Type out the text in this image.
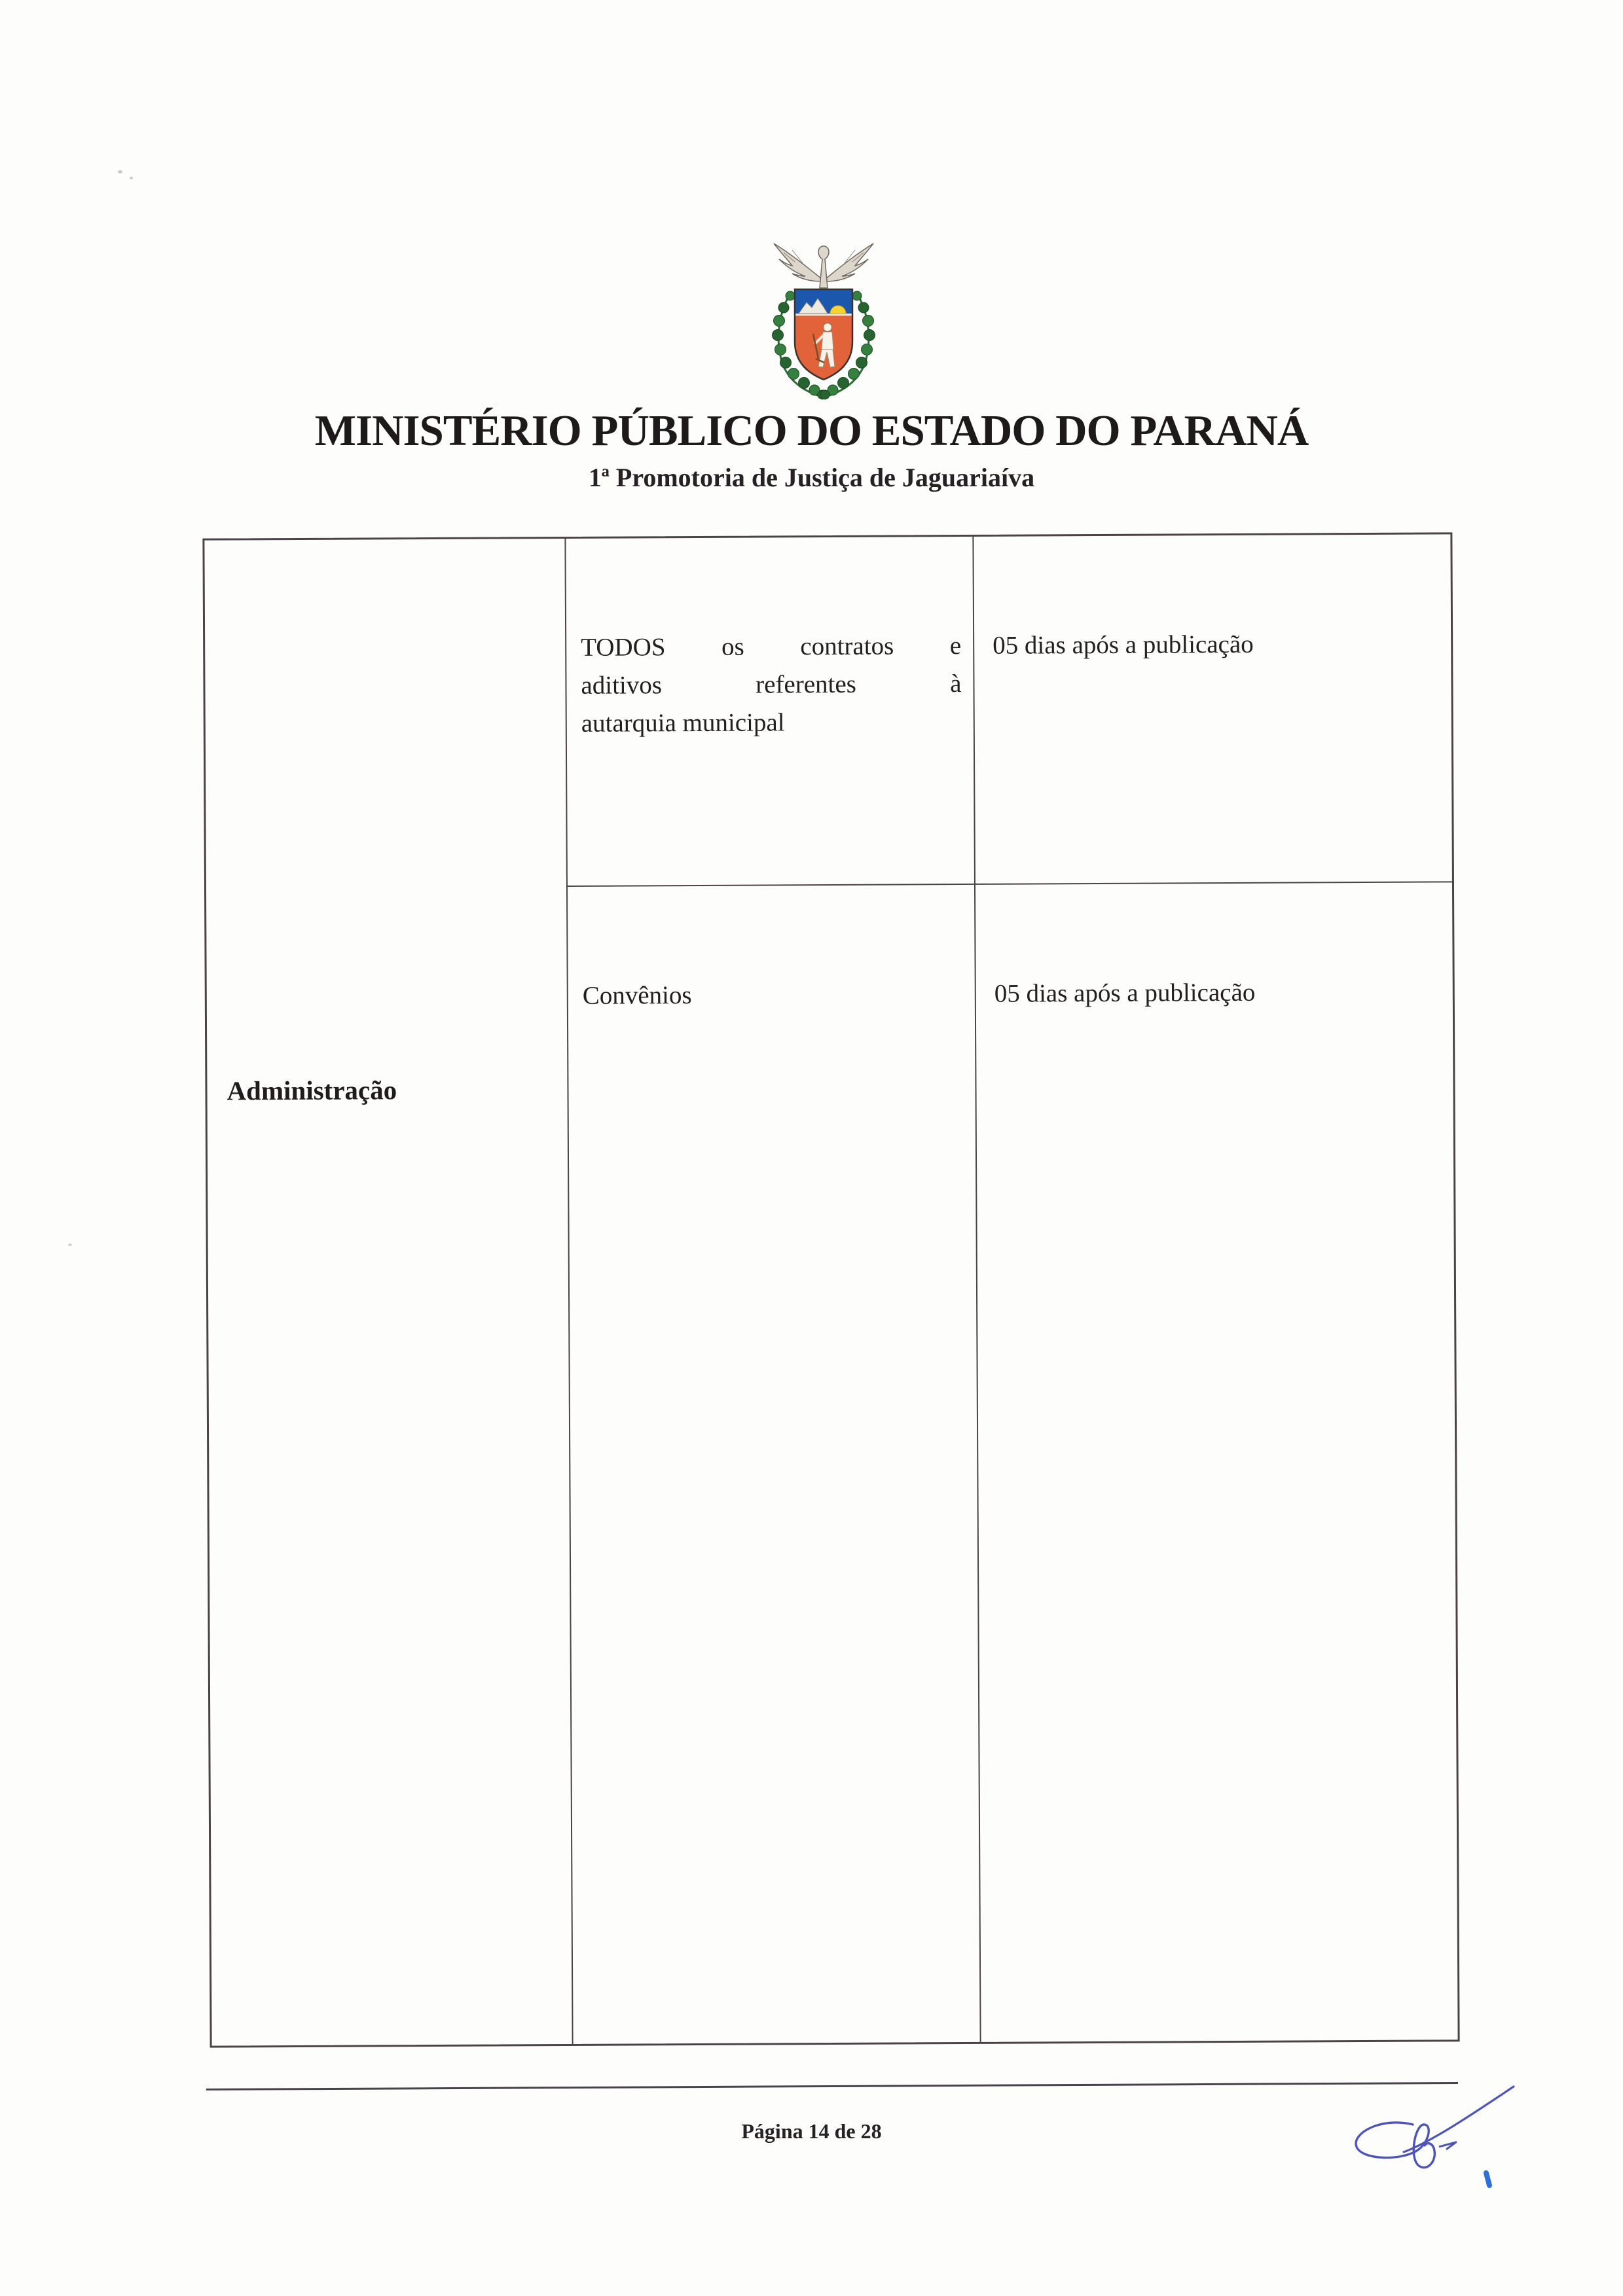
MINISTÉRIO PÚBLICO DO ESTADO DO PARANÁ
1ª Promotoria de Justiça de Jaguariaíva
Administração
TODOS os contratos e
aditivos referentes à
autarquia municipal
05 dias após a publicação
Convênios	05 dias após a publicação
Página 14 de 28
